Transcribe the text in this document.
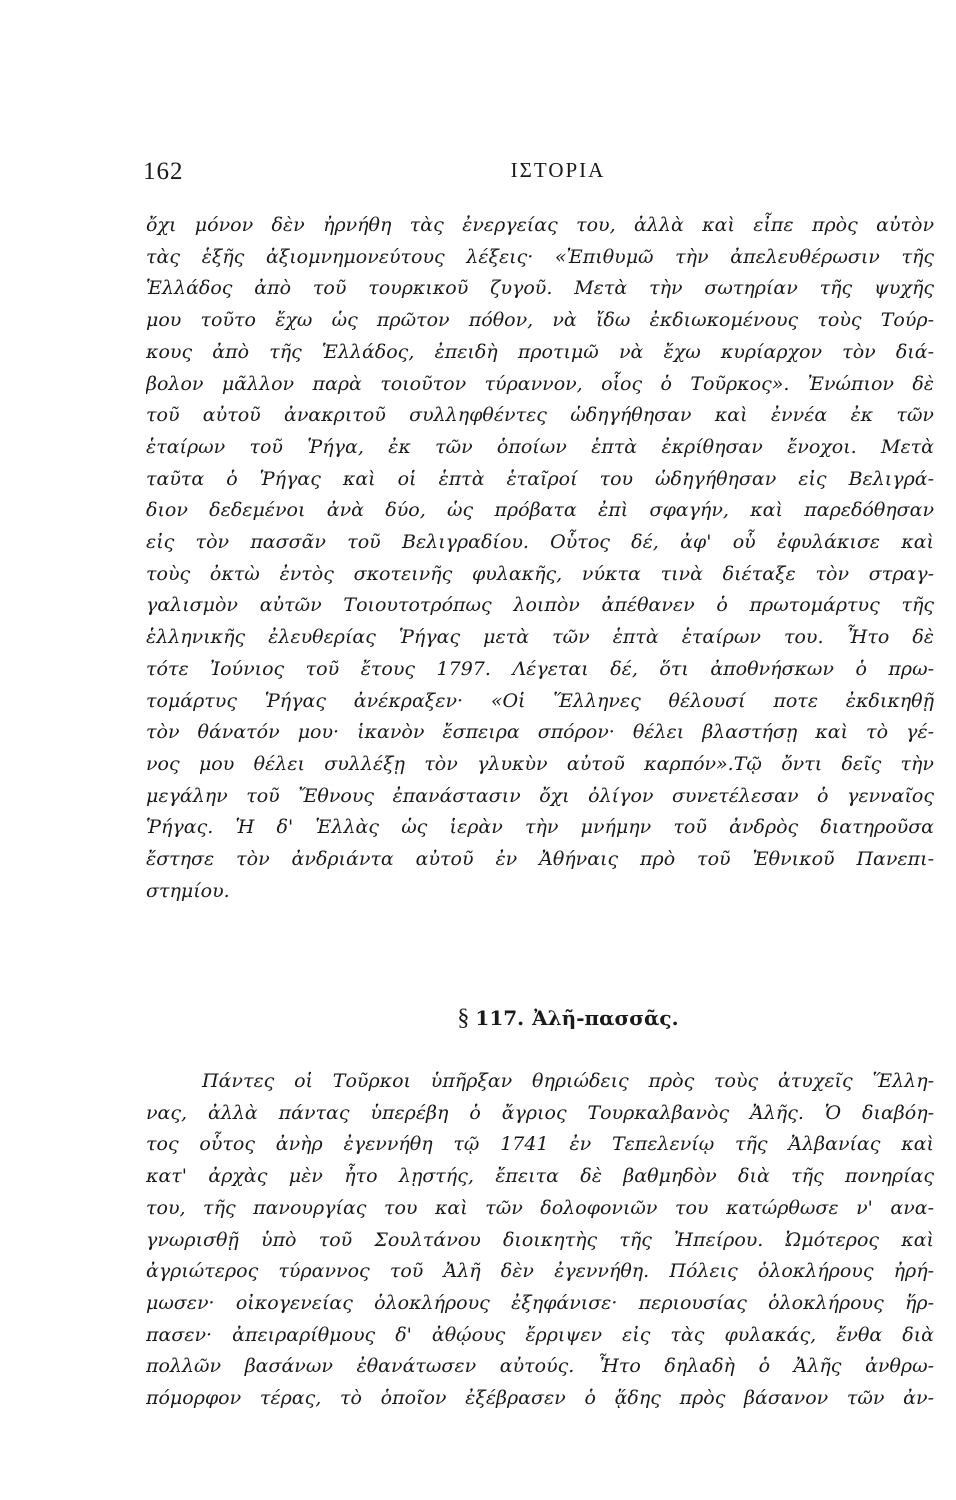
162	ΙΣΤΟΡΙΑ
ὄχι μόνον δὲν ἠρνήθη τὰς ἐνεργείας του, ἀλλὰ καὶ εἶπε πρὸς αὐτὸν
τὰς ἑξῆς ἀξιομνημονεύτους λέξεις· «Ἐπιθυμῶ τὴν ἀπελευθέρωσιν τῆς
Ἑλλάδος ἀπὸ τοῦ τουρκικοῦ ζυγοῦ. Μετὰ τὴν σωτηρίαν τῆς ψυχῆς
μου τοῦτο ἔχω ὡς πρῶτον πόθον, νὰ ἴδω ἐκδιωκομένους τοὺς Τούρ-
κους ἀπὸ τῆς Ἑλλάδος, ἐπειδὴ προτιμῶ νὰ ἔχω κυρίαρχον τὸν διά-
βολον μᾶλλον παρὰ τοιοῦτον τύραννον, οἷος ὁ Τοῦρκος». Ἐνώπιον δὲ
τοῦ αὐτοῦ ἀνακριτοῦ συλληφθέντες ὡδηγήθησαν καὶ ἐννέα ἐκ τῶν
ἑταίρων τοῦ Ῥήγα, ἐκ τῶν ὁποίων ἑπτὰ ἐκρίθησαν ἔνοχοι. Μετὰ
ταῦτα ὁ Ῥήγας καὶ οἱ ἑπτὰ ἑταῖροί του ὡδηγήθησαν εἰς Βελιγρά-
διον δεδεμένοι ἀνὰ δύο, ὡς πρόβατα ἐπὶ σφαγήν, καὶ παρεδόθησαν
εἰς τὸν πασσᾶν τοῦ Βελιγραδίου. Οὗτος δέ, ἀφ' οὗ ἐφυλάκισε καὶ
τοὺς ὀκτὼ ἐντὸς σκοτεινῆς φυλακῆς, νύκτα τινὰ διέταξε τὸν στραγ-
γαλισμὸν αὐτῶν Τοιουτοτρόπως λοιπὸν ἀπέθανεν ὁ πρωτομάρτυς τῆς
ἑλληνικῆς ἐλευθερίας Ῥήγας μετὰ τῶν ἑπτὰ ἑταίρων του. Ἦτο δὲ
τότε Ἰούνιος τοῦ ἔτους 1797. Λέγεται δέ, ὅτι ἀποθνήσκων ὁ πρω-
τομάρτυς Ῥήγας ἀνέκραξεν· «Οἱ Ἕλληνες θέλουσί ποτε ἐκδικηθῇ
τὸν θάνατόν μου· ἱκανὸν ἔσπειρα σπόρον· θέλει βλαστήσῃ καὶ τὸ γέ-
νος μου θέλει συλλέξῃ τὸν γλυκὺν αὐτοῦ καρπόν».Τῷ ὄντι δεῖς τὴν
μεγάλην τοῦ Ἔθνους ἐπανάστασιν ὄχι ὀλίγον συνετέλεσαν ὁ γενναῖος
Ῥήγας. Ἡ δ' Ἑλλὰς ὡς ἱερὰν τὴν μνήμην τοῦ ἀνδρὸς διατηροῦσα
ἔστησε τὸν ἀνδριάντα αὐτοῦ ἐν Ἀθήναις πρὸ τοῦ Ἐθνικοῦ Πανεπι-
στημίου.
§ 117. Ἀλῆ-πασσᾶς.
Πάντες οἱ Τοῦρκοι ὑπῆρξαν θηριώδεις πρὸς τοὺς ἀτυχεῖς Ἕλλη-
νας, ἀλλὰ πάντας ὑπερέβη ὁ ἄγριος Τουρκαλβανὸς Ἀλῆς. Ὁ διαβόη-
τος οὗτος ἀνὴρ ἐγεννήθη τῷ 1741 ἐν Τεπελενίῳ τῆς Ἀλβανίας καὶ
κατ' ἀρχὰς μὲν ἦτο λῃστής, ἔπειτα δὲ βαθμηδὸν διὰ τῆς πονηρίας
του, τῆς πανουργίας του καὶ τῶν δολοφονιῶν του κατώρθωσε ν' ανα-
γνωρισθῇ ὑπὸ τοῦ Σουλτάνου διοικητὴς τῆς Ἠπείρου. Ὠμότερος καὶ
ἀγριώτερος τύραννος τοῦ Ἀλῆ δὲν ἐγεννήθη. Πόλεις ὁλοκλήρους ἠρή-
μωσεν· οἰκογενείας ὁλοκλήρους ἐξηφάνισε· περιουσίας ὁλοκλήρους ἥρ-
πασεν· ἀπειραρίθμους δ' ἀθῴους ἔρριψεν εἰς τὰς φυλακάς, ἔνθα διὰ
πολλῶν βασάνων ἐθανάτωσεν αὐτούς. Ἦτο δηλαδὴ ὁ Ἀλῆς ἀνθρω-
πόμορφον τέρας, τὸ ὁποῖον ἐξέβρασεν ὁ ᾅδης πρὸς βάσανον τῶν ἀν-
